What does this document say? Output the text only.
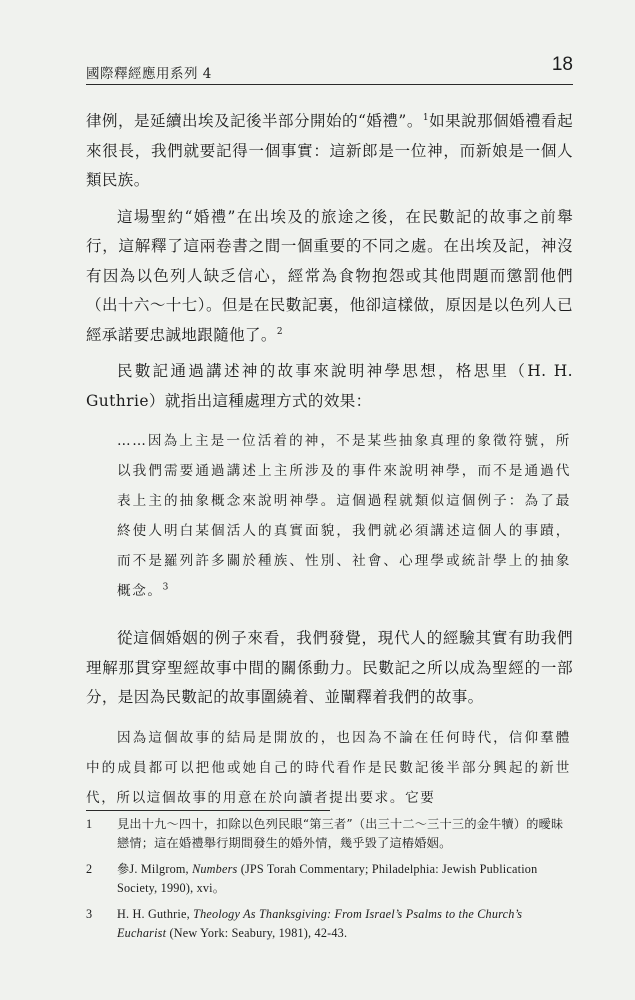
國際釋經應用系列 4	18

律例，是延續出埃及記後半部分開始的“婚禮”。$^1$如果說那個婚禮看起來很長，我們就要記得一個事實：這新郎是一位神，而新娘是一個人類民族。

這場聖約“婚禮”在出埃及的旅途之後，在民數記的故事之前舉行，這解釋了這兩卷書之間一個重要的不同之處。在出埃及記，神沒有因為以色列人缺乏信心，經常為食物抱怨或其他問題而懲罰他們（出十六～十七）。但是在民數記裏，他卻這樣做，原因是以色列人已經承諾要忠誠地跟隨他了。$^2$

民數記通過講述神的故事來說明神學思想，格思里（H. H. Guthrie）就指出這種處理方式的效果：

……因為上主是一位活着的神，不是某些抽象真理的象徵符號，所以我們需要通過講述上主所涉及的事件來說明神學，而不是通過代表上主的抽象概念來說明神學。這個過程就類似這個例子：為了最終使人明白某個活人的真實面貌，我們就必須講述這個人的事蹟，而不是羅列許多關於種族、性別、社會、心理學或統計學上的抽象概念。$^3$

從這個婚姻的例子來看，我們發覺，現代人的經驗其實有助我們理解那貫穿聖經故事中間的關係動力。民數記之所以成為聖經的一部分，是因為民數記的故事圍繞着、並闡釋着我們的故事。

因為這個故事的結局是開放的，也因為不論在任何時代，信仰羣體中的成員都可以把他或她自己的時代看作是民數記後半部分興起的新世代，所以這個故事的用意在於向讀者提出要求。它要
1	見出十九～四十，扣除以色列民眼“第三者”（出三十二～三十三的金牛犢）的曖昧戀情；這在婚禮舉行期間發生的婚外情，幾乎毀了這樁婚姻。
2	參J. Milgrom, Numbers (JPS Torah Commentary; Philadelphia: Jewish Publication Society, 1990), xvi。
3	H. H. Guthrie, Theology As Thanksgiving: From Israel’s Psalms to the Church’s Eucharist (New York: Seabury, 1981), 42-43.
